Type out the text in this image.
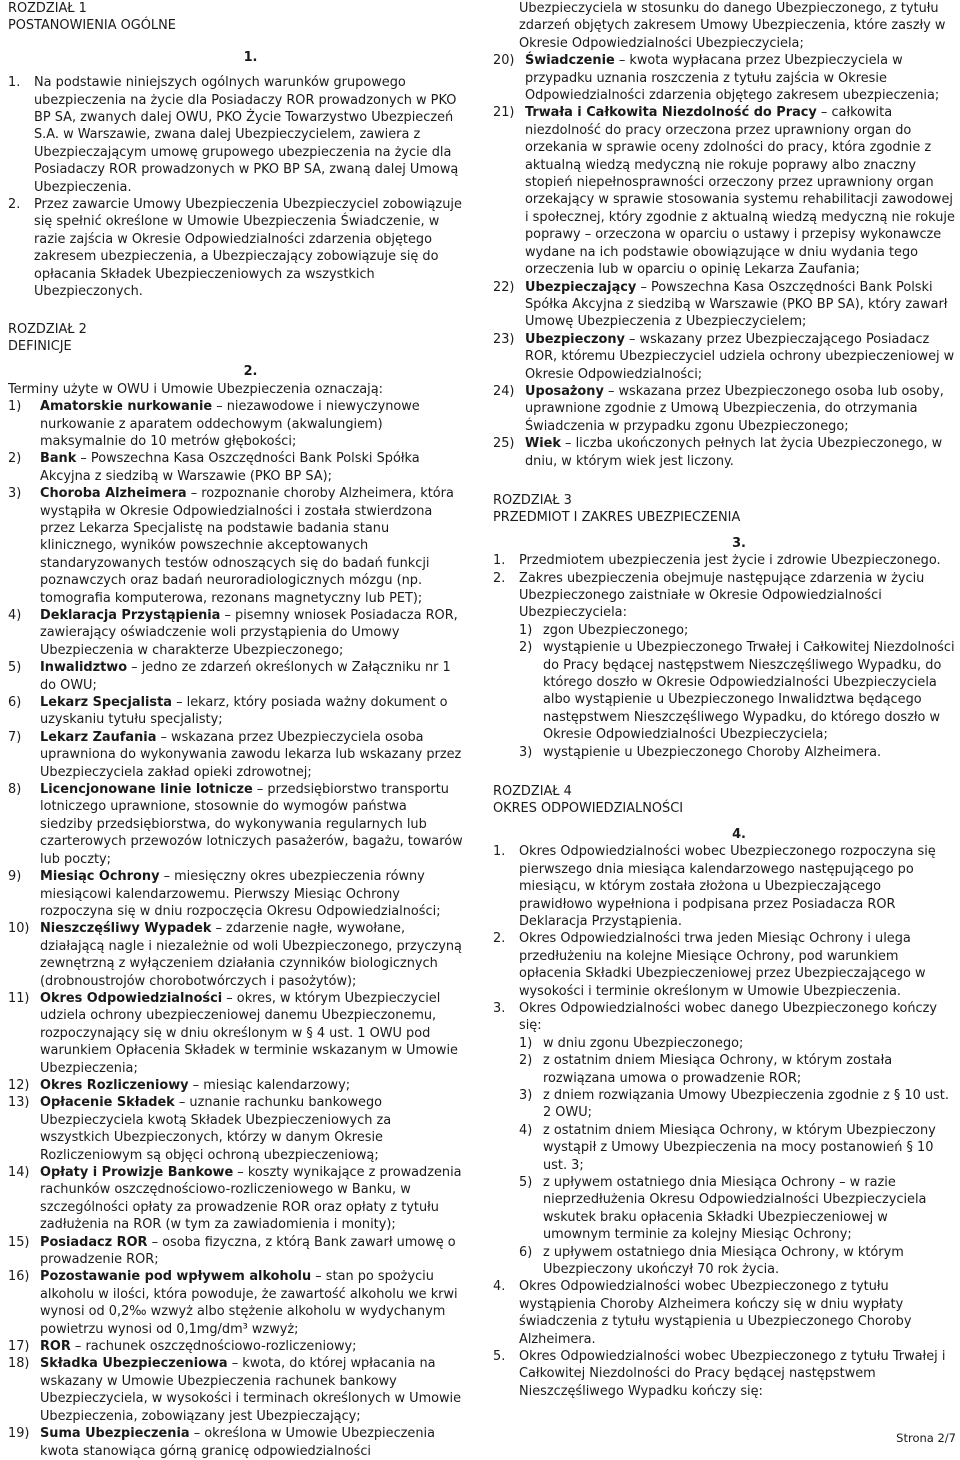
ROZDZIAŁ 1

POSTANOWIENIA OGÓLNE

1.

1.	Na podstawie niniejszych ogólnych warunków grupowego ubezpieczenia na życie dla Posiadaczy ROR prowadzonych w PKO BP SA, zwanych dalej OWU, PKO Życie Towarzystwo Ubezpieczeń S.A. w Warszawie, zwana dalej Ubezpieczycielem, zawiera z Ubezpieczającym umowę grupowego ubezpieczenia na życie dla Posiadaczy ROR prowadzonych w PKO BP SA, zwaną dalej Umową Ubezpieczenia.
2.	Przez zawarcie Umowy Ubezpieczenia Ubezpieczyciel zobowiązuje się spełnić określone w Umowie Ubezpieczenia Świadczenie, w razie zajścia w Okresie Odpowiedzialności zdarzenia objętego zakresem ubezpieczenia, a Ubezpieczający zobowiązuje się do opłacania Składek Ubezpieczeniowych za wszystkich Ubezpieczonych.

ROZDZIAŁ 2

DEFINICJE

2.

Terminy użyte w OWU i Umowie Ubezpieczenia oznaczają:

1)	Amatorskie nurkowanie – niezawodowe i niewyczynowe nurkowanie z aparatem oddechowym (akwalungiem) maksymalnie do 10 metrów głębokości;
2)	Bank – Powszechna Kasa Oszczędności Bank Polski Spółka Akcyjna z siedzibą w Warszawie (PKO BP SA);
3)	Choroba Alzheimera – rozpoznanie choroby Alzheimera, która wystąpiła w Okresie Odpowiedzialności i została stwierdzona przez Lekarza Specjalistę na podstawie badania stanu klinicznego, wyników powszechnie akceptowanych standaryzowanych testów odnoszących się do badań funkcji poznawczych oraz badań neuroradiologicznych mózgu (np. tomografia komputerowa, rezonans magnetyczny lub PET);
4)	Deklaracja Przystąpienia – pisemny wniosek Posiadacza ROR, zawierający oświadczenie woli przystąpienia do Umowy Ubezpieczenia w charakterze Ubezpieczonego;
5)	Inwalidztwo – jedno ze zdarzeń określonych w Załączniku nr 1 do OWU;
6)	Lekarz Specjalista – lekarz, który posiada ważny dokument o uzyskaniu tytułu specjalisty;
7)	Lekarz Zaufania – wskazana przez Ubezpieczyciela osoba uprawniona do wykonywania zawodu lekarza lub wskazany przez Ubezpieczyciela zakład opieki zdrowotnej;
8)	Licencjonowane linie lotnicze – przedsiębiorstwo transportu lotniczego uprawnione, stosownie do wymogów państwa siedziby przedsiębiorstwa, do wykonywania regularnych lub czarterowych przewozów lotniczych pasażerów, bagażu, towarów lub poczty;
9)	Miesiąc Ochrony – miesięczny okres ubezpieczenia równy miesiącowi kalendarzowemu. Pierwszy Miesiąc Ochrony rozpoczyna się w dniu rozpoczęcia Okresu Odpowiedzialności;
10) Nieszczęśliwy Wypadek – zdarzenie nagłe, wywołane, działającą nagle i niezależnie od woli Ubezpieczonego, przyczyną zewnętrzną z wyłączeniem działania czynników biologicznych (drobnoustrojów chorobotwórczych i pasożytów);
11) Okres Odpowiedzialności – okres, w którym Ubezpieczyciel udziela ochrony ubezpieczeniowej danemu Ubezpieczonemu, rozpoczynający się w dniu określonym w § 4 ust. 1 OWU pod warunkiem Opłacenia Składek w terminie wskazanym w Umowie Ubezpieczenia;
12) Okres Rozliczeniowy – miesiąc kalendarzowy;
13) Opłacenie Składek – uznanie rachunku bankowego Ubezpieczyciela kwotą Składek Ubezpieczeniowych za wszystkich Ubezpieczonych, którzy w danym Okresie Rozliczeniowym są objęci ochroną ubezpieczeniową;
14) Opłaty i Prowizje Bankowe – koszty wynikające z prowadzenia rachunków oszczędnościowo-rozliczeniowego w Banku, w szczególności opłaty za prowadzenie ROR oraz opłaty z tytułu zadłużenia na ROR (w tym za zawiadomienia i monity);
15) Posiadacz ROR – osoba fizyczna, z którą Bank zawarł umowę o prowadzenie ROR;
16) Pozostawanie pod wpływem alkoholu – stan po spożyciu alkoholu w ilości, która powoduje, że zawartość alkoholu we krwi wynosi od 0,2‰ wzwyż albo stężenie alkoholu w wydychanym powietrzu wynosi od 0,1mg/dm³ wzwyż;
17) ROR – rachunek oszczędnościowo-rozliczeniowy;
18) Składka Ubezpieczeniowa – kwota, do której wpłacania na wskazany w Umowie Ubezpieczenia rachunek bankowy Ubezpieczyciela, w wysokości i terminach określonych w Umowie Ubezpieczenia, zobowiązany jest Ubezpieczający;
19) Suma Ubezpieczenia – określona w Umowie Ubezpieczenia kwota stanowiąca górną granicę odpowiedzialności

Ubezpieczyciela w stosunku do danego Ubezpieczonego, z tytułu zdarzeń objętych zakresem Umowy Ubezpieczenia, które zaszły w Okresie Odpowiedzialności Ubezpieczyciela;

20) Świadczenie – kwota wypłacana przez Ubezpieczyciela w przypadku uznania roszczenia z tytułu zajścia w Okresie Odpowiedzialności zdarzenia objętego zakresem ubezpieczenia;
21) Trwała i Całkowita Niezdolność do Pracy – całkowita niezdolność do pracy orzeczona przez uprawniony organ do orzekania w sprawie oceny zdolności do pracy, która zgodnie z aktualną wiedzą medyczną nie rokuje poprawy albo znaczny stopień niepełnosprawności orzeczony przez uprawniony organ orzekający w sprawie stosowania systemu rehabilitacji zawodowej i społecznej, który zgodnie z aktualną wiedzą medyczną nie rokuje poprawy – orzeczona w oparciu o ustawy i przepisy wykonawcze wydane na ich podstawie obowiązujące w dniu wydania tego orzeczenia lub w oparciu o opinię Lekarza Zaufania;
22) Ubezpieczający – Powszechna Kasa Oszczędności Bank Polski Spółka Akcyjna z siedzibą w Warszawie (PKO BP SA), który zawarł Umowę Ubezpieczenia z Ubezpieczycielem;
23) Ubezpieczony – wskazany przez Ubezpieczającego Posiadacz ROR, któremu Ubezpieczyciel udziela ochrony ubezpieczeniowej w Okresie Odpowiedzialności;
24) Uposażony – wskazana przez Ubezpieczonego osoba lub osoby, uprawnione zgodnie z Umową Ubezpieczenia, do otrzymania Świadczenia w przypadku zgonu Ubezpieczonego;
25) Wiek – liczba ukończonych pełnych lat życia Ubezpieczonego, w dniu, w którym wiek jest liczony.

ROZDZIAŁ 3

PRZEDMIOT I ZAKRES UBEZPIECZENIA

3.

1.	Przedmiotem ubezpieczenia jest życie i zdrowie Ubezpieczonego.
2.	Zakres ubezpieczenia obejmuje następujące zdarzenia w życiu Ubezpieczonego zaistniałe w Okresie Odpowiedzialności Ubezpieczyciela:
1) zgon Ubezpieczonego;
2) wystąpienie u Ubezpieczonego Trwałej i Całkowitej Niezdolności do Pracy będącej następstwem Nieszczęśliwego Wypadku, do którego doszło w Okresie Odpowiedzialności Ubezpieczyciela albo wystąpienie u Ubezpieczonego Inwalidztwa będącego następstwem Nieszczęśliwego Wypadku, do którego doszło w Okresie Odpowiedzialności Ubezpieczyciela;
3) wystąpienie u Ubezpieczonego Choroby Alzheimera.

ROZDZIAŁ 4

OKRES ODPOWIEDZIALNOŚCI

4.

1.	Okres Odpowiedzialności wobec Ubezpieczonego rozpoczyna się pierwszego dnia miesiąca kalendarzowego następującego po miesiącu, w którym została złożona u Ubezpieczającego prawidłowo wypełniona i podpisana przez Posiadacza ROR Deklaracja Przystąpienia.
2.	Okres Odpowiedzialności trwa jeden Miesiąc Ochrony i ulega przedłużeniu na kolejne Miesiące Ochrony, pod warunkiem opłacenia Składki Ubezpieczeniowej przez Ubezpieczającego w wysokości i terminie określonym w Umowie Ubezpieczenia.
3.	Okres Odpowiedzialności wobec danego Ubezpieczonego kończy się:
1) w dniu zgonu Ubezpieczonego;
2) z ostatnim dniem Miesiąca Ochrony, w którym została rozwiązana umowa o prowadzenie ROR;
3) z dniem rozwiązania Umowy Ubezpieczenia zgodnie z § 10 ust. 2 OWU;
4) z ostatnim dniem Miesiąca Ochrony, w którym Ubezpieczony wystąpił z Umowy Ubezpieczenia na mocy postanowień § 10 ust. 3;
5) z upływem ostatniego dnia Miesiąca Ochrony – w razie nieprzedłużenia Okresu Odpowiedzialności Ubezpieczyciela wskutek braku opłacenia Składki Ubezpieczeniowej w umownym terminie za kolejny Miesiąc Ochrony;
6) z upływem ostatniego dnia Miesiąca Ochrony, w którym Ubezpieczony ukończył 70 rok życia.
4.	Okres Odpowiedzialności wobec Ubezpieczonego z tytułu wystąpienia Choroby Alzheimera kończy się w dniu wypłaty świadczenia z tytułu wystąpienia u Ubezpieczonego Choroby Alzheimera.
5.	Okres Odpowiedzialności wobec Ubezpieczonego z tytułu Trwałej i Całkowitej Niezdolności do Pracy będącej następstwem Nieszczęśliwego Wypadku kończy się:
Strona 2/7
